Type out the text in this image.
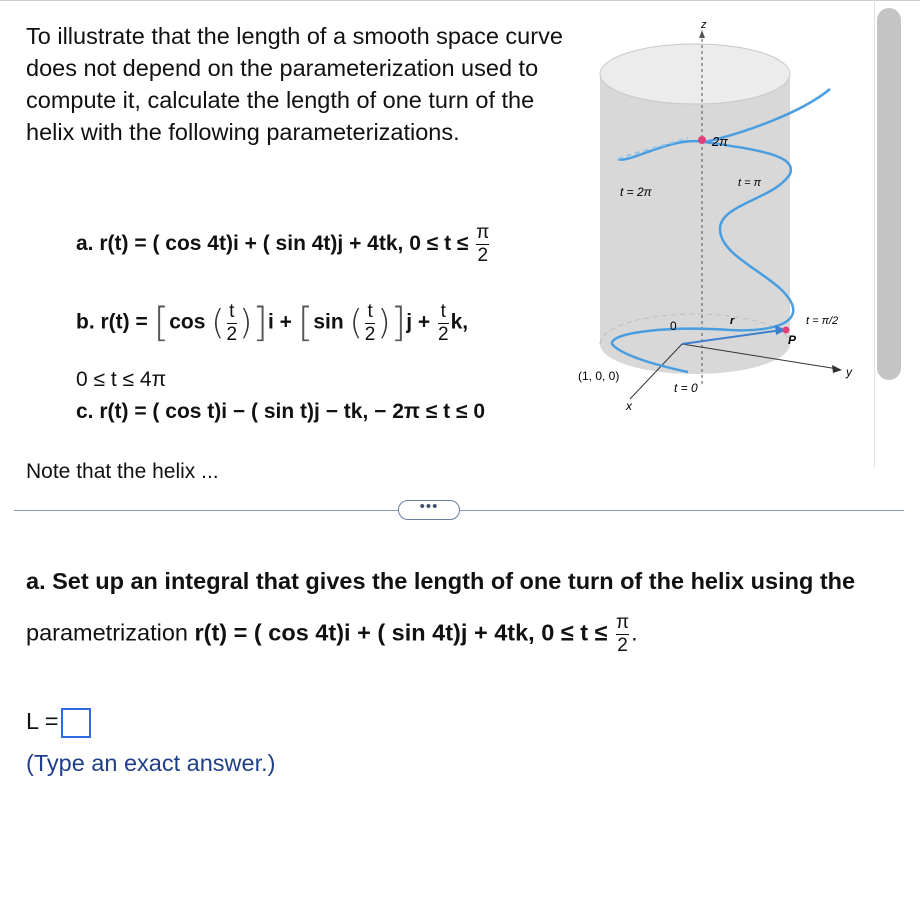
To illustrate that the length of a smooth space curve does not depend on the parameterization used to compute it, calculate the length of one turn of the helix with the following parameterizations.
a. r(t) = ( cos 4t)i + ( sin 4t)j + 4tk, $0 \le t \le \frac{\pi}{2}$
b. r(t) = [cos ( $\frac{t}{2} )]i + [\sin$ ( $\frac{t}{2} )]j + \frac{t}{2} k$,
0 ≤ t ≤ 4π
c. r(t) = ( cos t)i − ( sin t)j − tk, − 2π ≤ t ≤ 0
Note that the helix ...
z
x
y
2π
t = 2π
t = π
0	r
P
t = π/2
(1, 0, 0)
t = 0
•••
a. Set up an integral that gives the length of one turn of the helix using the
parametrization r(t) = ( cos 4t)i + ( sin 4t)j + 4tk, $0 \le t \le \frac{\pi}{2}$ .
L =
(Type an exact answer.)
